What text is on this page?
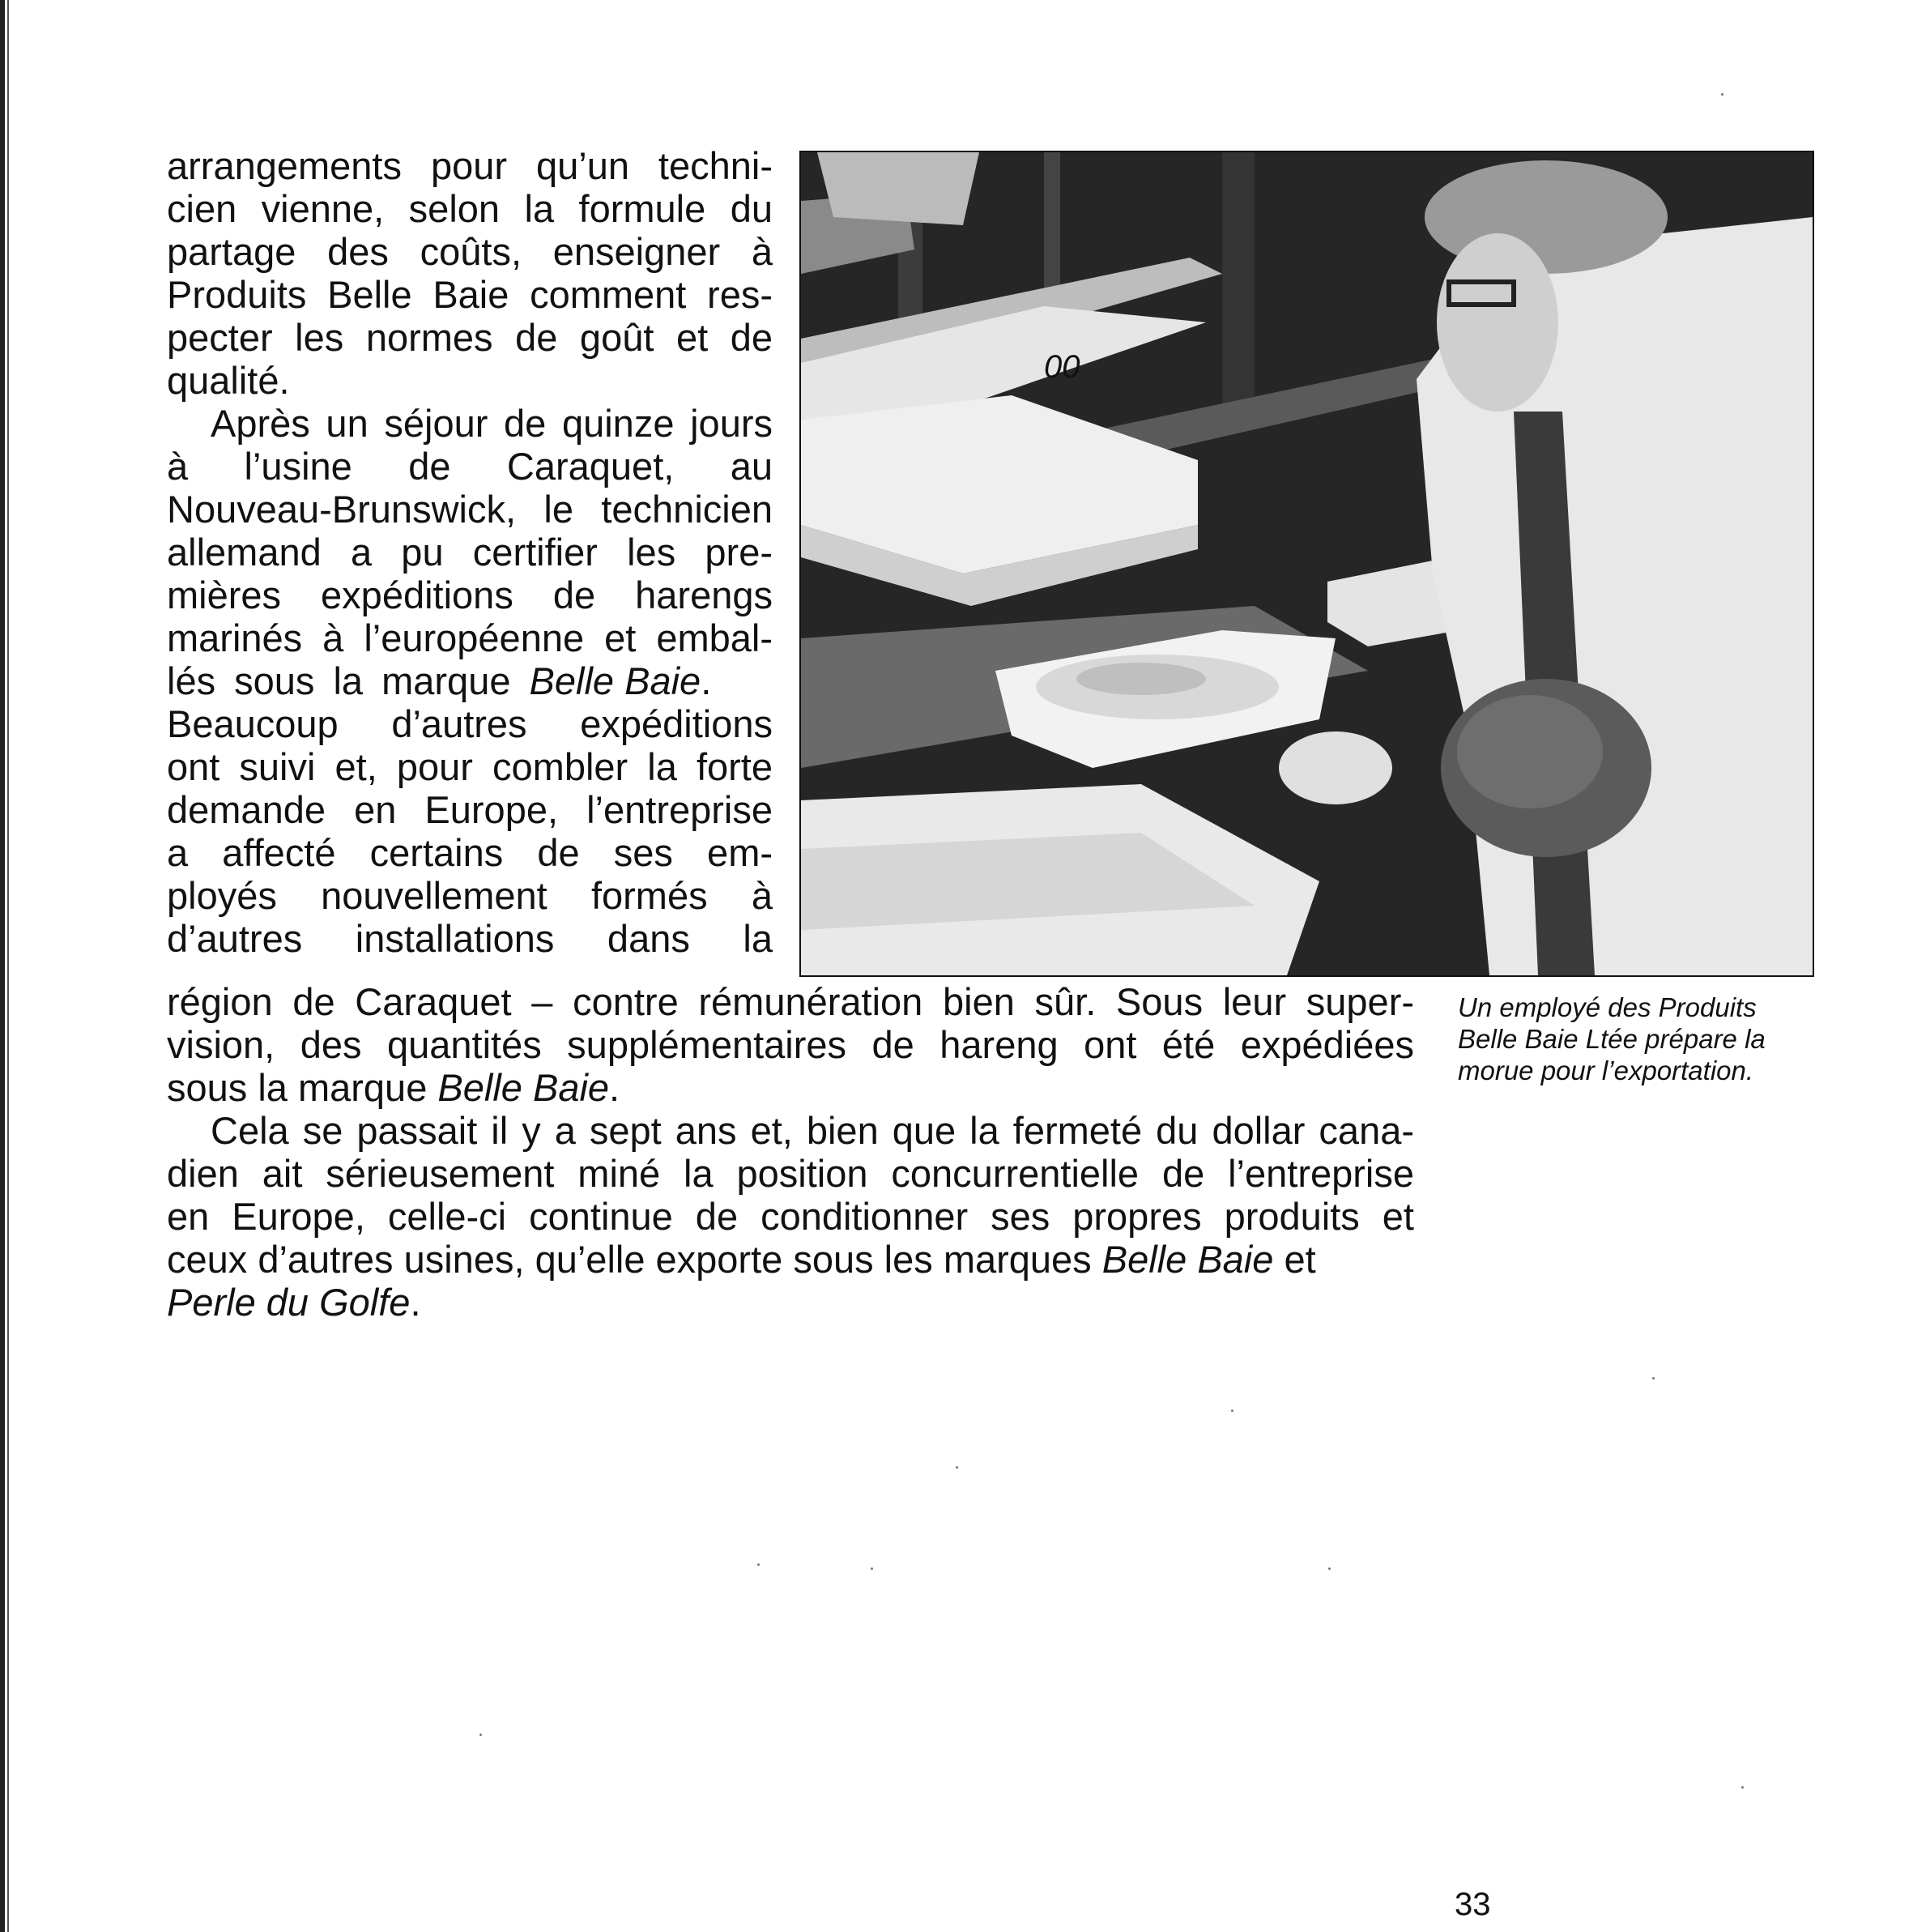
arrangements pour qu’un techni-
cien vienne, selon la formule du
partage des coûts, enseigner à
Produits Belle Baie comment res-
pecter les normes de goût et de
qualité.
Après un séjour de quinze jours
à l’usine de Caraquet, au
Nouveau-Brunswick, le technicien
allemand a pu certifier les pre-
mières expéditions de harengs
marinés à l’européenne et embal-
lés sous la marque Belle Baie.
Beaucoup d’autres expéditions
ont suivi et, pour combler la forte
demande en Europe, l’entreprise
a affecté certains de ses em-
ployés nouvellement formés à
d’autres installations dans la
région de Caraquet – contre rémunération bien sûr. Sous leur super-
vision, des quantités supplémentaires de hareng ont été expédiées
sous la marque Belle Baie.
Cela se passait il y a sept ans et, bien que la fermeté du dollar cana-
dien ait sérieusement miné la position concurrentielle de l’entreprise
en Europe, celle-ci continue de conditionner ses propres produits et
ceux d’autres usines, qu’elle exporte sous les marques Belle Baie et
Perle du Golfe.
00
Un employé des Produits
Belle Baie Ltée prépare la
morue pour l’exportation.
33
